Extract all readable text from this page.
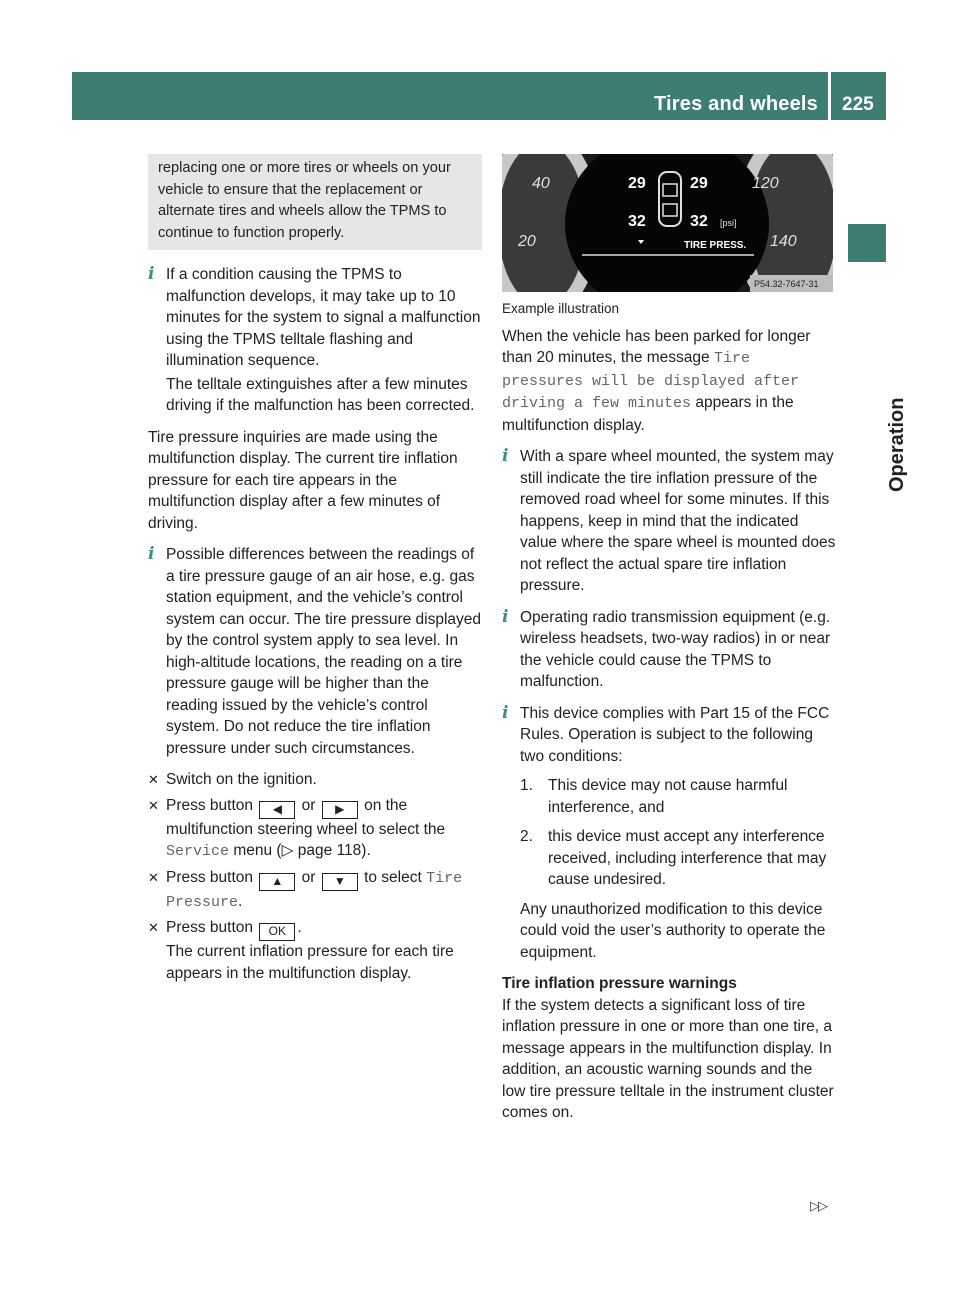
Tires and wheels 225
Operation
replacing one or more tires or wheels on your vehicle to ensure that the replacement or alternate tires and wheels allow the TPMS to continue to function properly.
i If a condition causing the TPMS to malfunction develops, it may take up to 10 minutes for the system to signal a malfunction using the TPMS telltale flashing and illumination sequence.

The telltale extinguishes after a few minutes driving if the malfunction has been corrected.

Tire pressure inquiries are made using the multifunction display. The current tire inflation pressure for each tire appears in the multifunction display after a few minutes of driving.

i Possible differences between the readings of a tire pressure gauge of an air hose, e.g. gas station equipment, and the vehicle’s control system can occur. The tire pressure displayed by the control system apply to sea level. In high-altitude locations, the reading on a tire pressure gauge will be higher than the reading issued by the vehicle’s control system. Do not reduce the tire inflation pressure under such circumstances.

✕ Switch on the ignition.
✕ Press button ◀ or ▶ on the multifunction steering wheel to select the Service menu (▷ page 118).
✕ Press button ▲ or ▼ to select Tire Pressure.
✕ Press button OK .
The current inflation pressure for each tire appears in the multifunction display.
40
20
120
140
29	29
32	32 [psi]
TIRE PRESS.
P54.32-7647-31

Example illustration

When the vehicle has been parked for longer than 20 minutes, the message Tire pressures will be displayed after driving a few minutes appears in the multifunction display.

i With a spare wheel mounted, the system may still indicate the tire inflation pressure of the removed road wheel for some minutes. If this happens, keep in mind that the indicated value where the spare wheel is mounted does not reflect the actual spare tire inflation pressure.

i Operating radio transmission equipment (e.g. wireless headsets, two-way radios) in or near the vehicle could cause the TPMS to malfunction.

i This device complies with Part 15 of the FCC Rules. Operation is subject to the following two conditions:

1. This device may not cause harmful interference, and
2. this device must accept any interference received, including interference that may cause undesired.

Any unauthorized modification to this device could void the user’s authority to operate the equipment.

Tire inflation pressure warnings

If the system detects a significant loss of tire inflation pressure in one or more than one tire, a message appears in the multifunction display. In addition, an acoustic warning sounds and the low tire pressure telltale in the instrument cluster comes on.

▷▷
